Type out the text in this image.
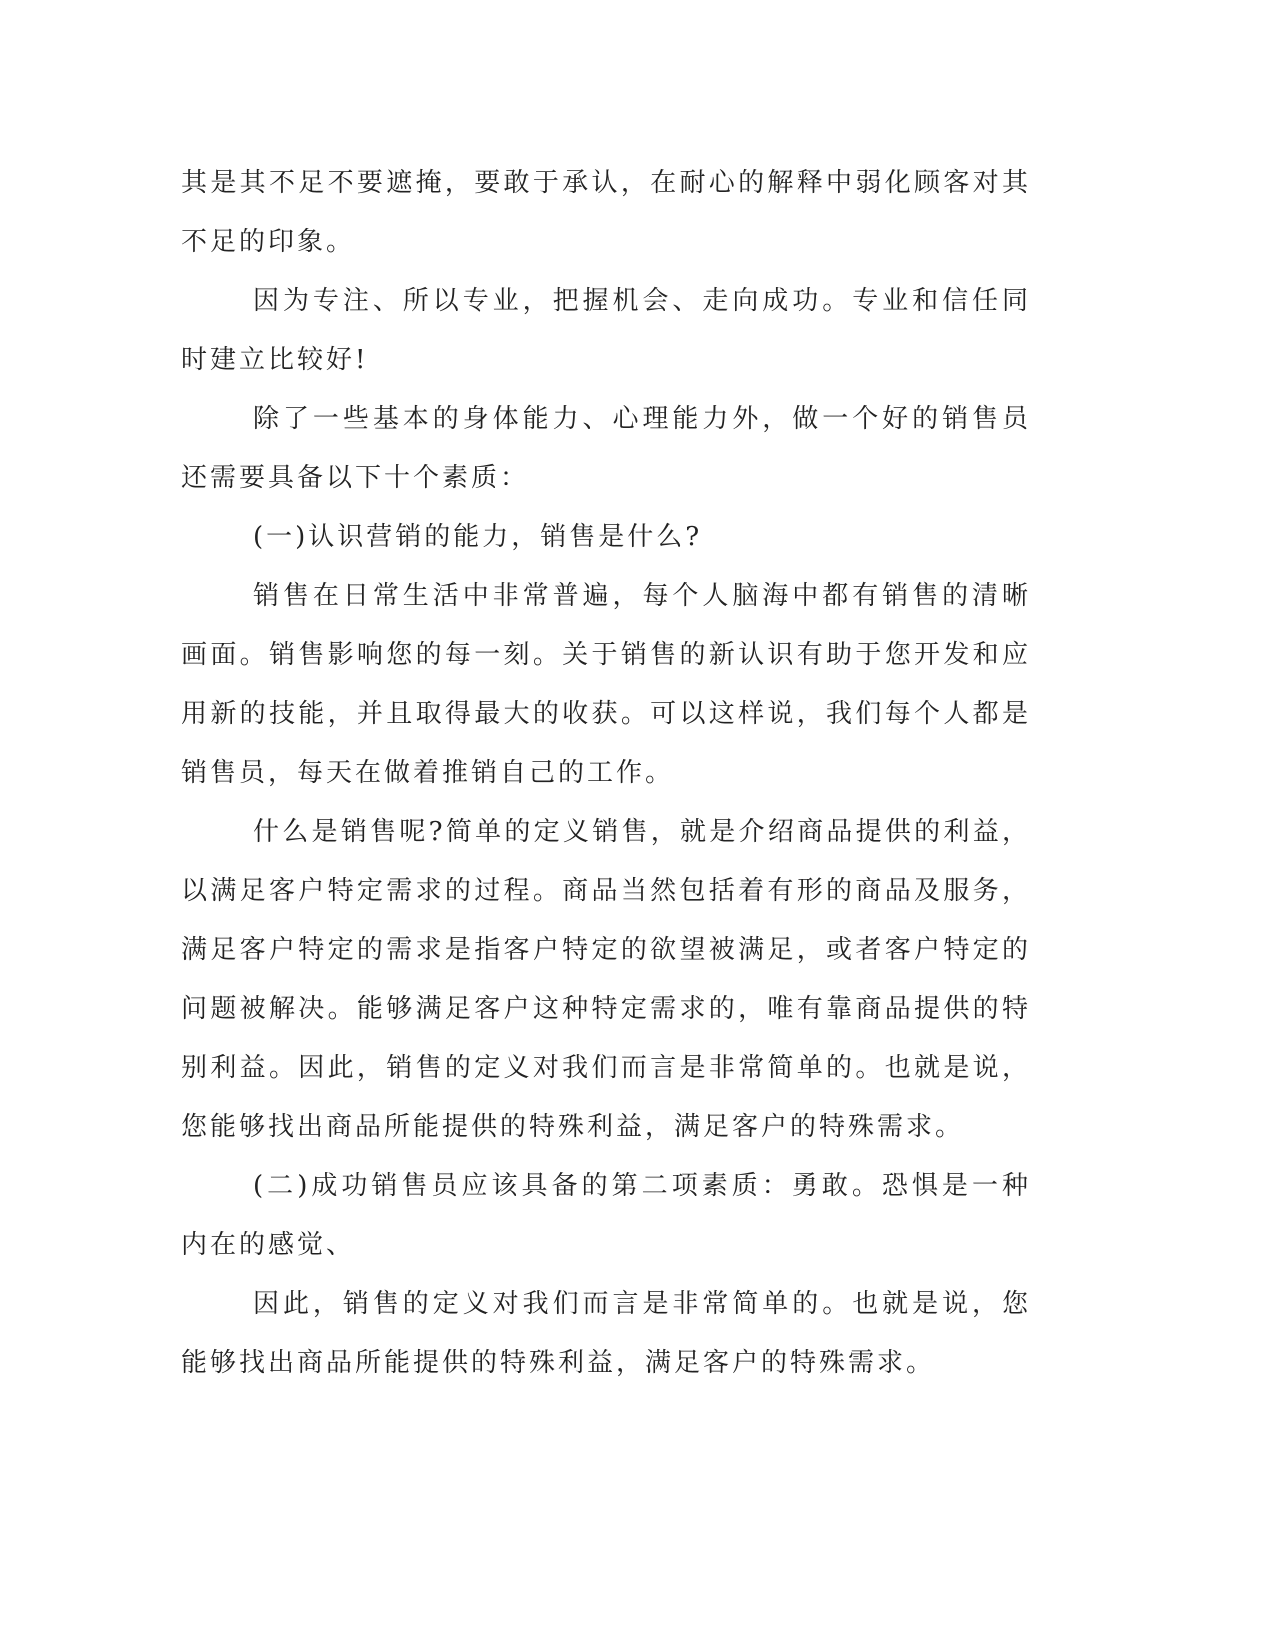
其是其不足不要遮掩，要敢于承认，在耐心的解释中弱化顾客对其不足的印象。

因为专注、所以专业，把握机会、走向成功。专业和信任同时建立比较好!

除了一些基本的身体能力、心理能力外，做一个好的销售员还需要具备以下十个素质：

(一)认识营销的能力，销售是什么?

销售在日常生活中非常普遍，每个人脑海中都有销售的清晰画面。销售影响您的每一刻。关于销售的新认识有助于您开发和应用新的技能，并且取得最大的收获。可以这样说，我们每个人都是销售员，每天在做着推销自己的工作。

什么是销售呢?简单的定义销售，就是介绍商品提供的利益，以满足客户特定需求的过程。商品当然包括着有形的商品及服务，满足客户特定的需求是指客户特定的欲望被满足，或者客户特定的问题被解决。能够满足客户这种特定需求的，唯有靠商品提供的特别利益。因此，销售的定义对我们而言是非常简单的。也就是说，您能够找出商品所能提供的特殊利益，满足客户的特殊需求。

(二)成功销售员应该具备的第二项素质：勇敢。恐惧是一种内在的感觉、

因此，销售的定义对我们而言是非常简单的。也就是说，您能够找出商品所能提供的特殊利益，满足客户的特殊需求。
